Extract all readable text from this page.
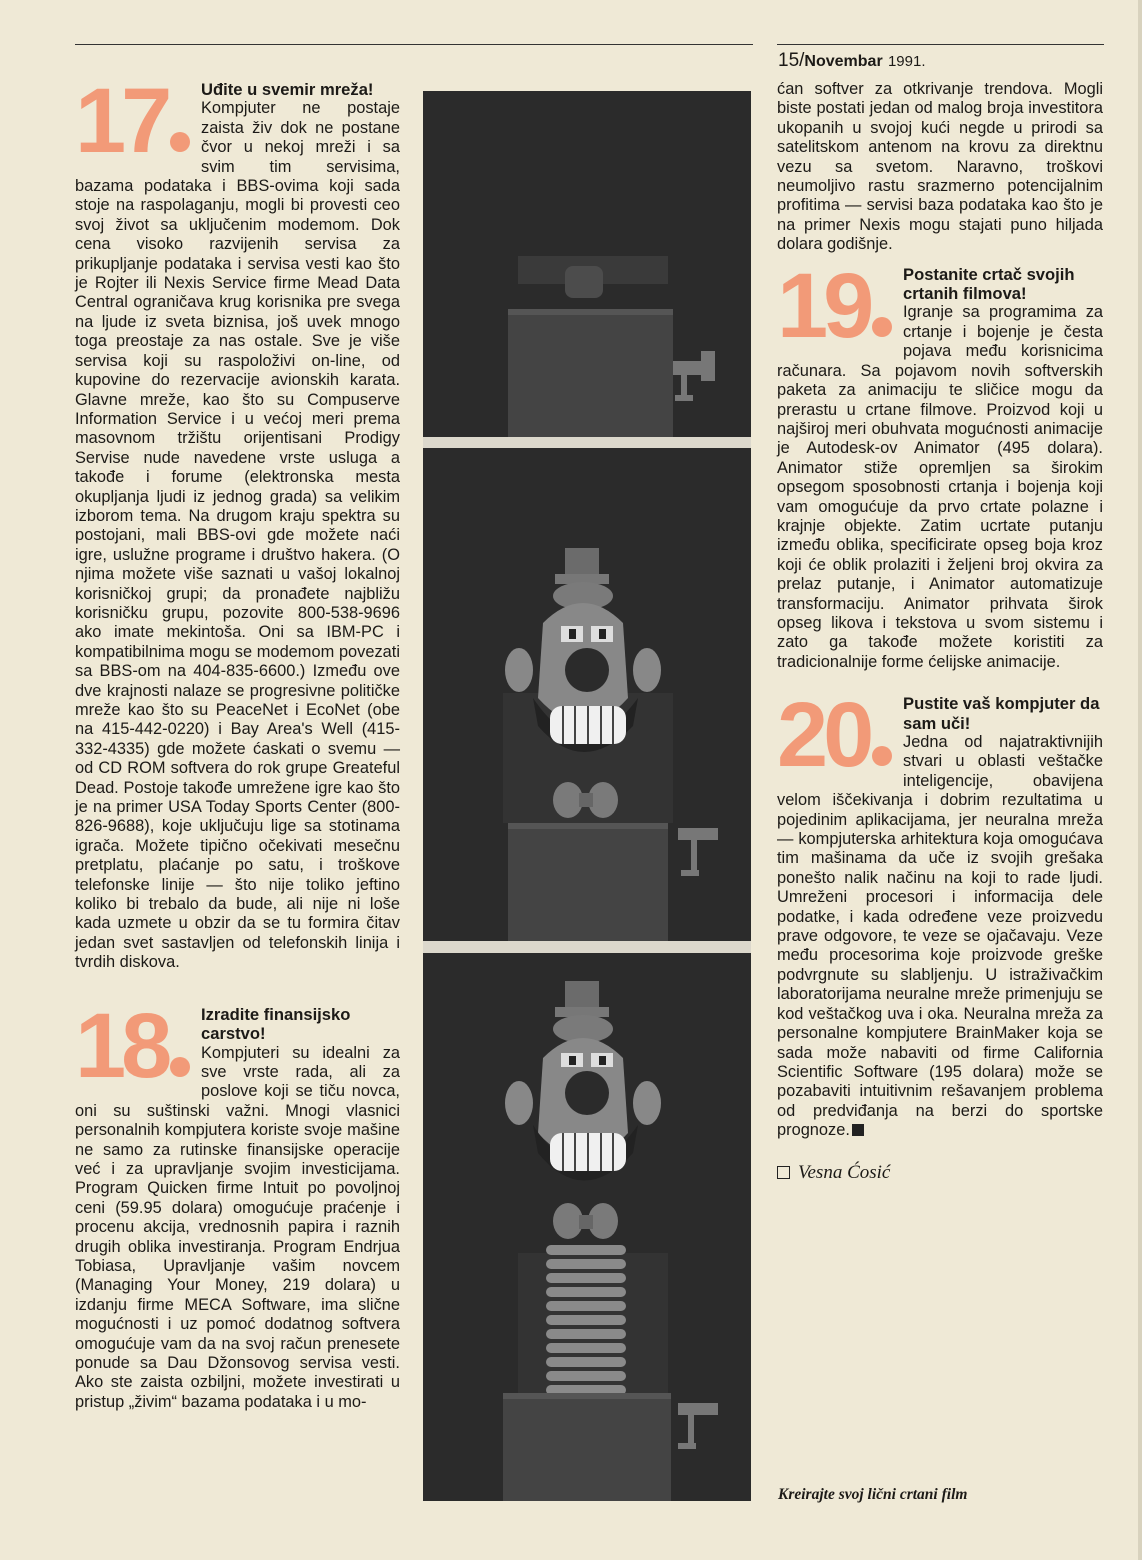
15/Novembar 1991.
17	Uđite u svemir mreža!
Kompjuter ne postaje zaista živ dok ne postane čvor u nekoj mreži i sa svim tim servisima, bazama podataka i BBS-ovima koji sada stoje na raspolaganju, mogli bi provesti ceo svoj život sa uključenim modemom. Dok cena visoko razvijenih servisa za prikupljanje podataka i servisa vesti kao što je Rojter ili Nexis Service firme Mead Data Central ograničava krug korisnika pre svega na ljude iz sveta biznisa, još uvek mnogo toga preostaje za nas ostale. Sve je više servisa koji su raspoloživi on-line, od kupovine do rezervacije avionskih karata. Glavne mreže, kao što su Compuserve Information Service i u većoj meri prema masovnom tržištu orijentisani Prodigy Servise nude navedene vrste usluga a takođe i forume (elektronska mesta okupljanja ljudi iz jednog grada) sa velikim izborom tema. Na drugom kraju spektra su postojani, mali BBS-ovi gde možete naći igre, uslužne programe i društvo hakera. (O njima možete više saznati u vašoj lokalnoj korisničkoj grupi; da pronađete najbližu korisničku grupu, pozovite 800-538-9696 ako imate mekintoša. Oni sa IBM-PC i kompatibilnima mogu se modemom povezati sa BBS-om na 404-835-6600.) Između ove dve krajnosti nalaze se progresivne političke mreže kao što su PeaceNet i EcoNet (obe na 415-442-0220) i Bay Area's Well (415-332-4335) gde možete ćaskati o svemu — od CD ROM softvera do rok grupe Greateful Dead. Postoje takođe umrežene igre kao što je na primer USA Today Sports Center (800-826-9688), koje uključuju lige sa stotinama igrača. Možete tipično očekivati mesečnu pretplatu, plaćanje po satu, i troškove telefonske linije — što nije toliko jeftino koliko bi trebalo da bude, ali nije ni loše kada uzmete u obzir da se tu formira čitav jedan svet sastavljen od telefonskih linija i tvrdih diskova.
18	Izradite finansijsko carstvo!
Kompjuteri su idealni za sve vrste rada, ali za poslove koji se tiču novca, oni su suštinski važni. Mnogi vlasnici personalnih kompjutera koriste svoje mašine ne samo za rutinske finansijske operacije već i za upravljanje svojim investicijama. Program Quicken firme Intuit po povoljnoj ceni (59.95 dolara) omogućuje praćenje i procenu akcija, vrednosnih papira i raznih drugih oblika investiranja. Program Endrjua Tobiasa, Upravljanje vašim novcem (Managing Your Money, 219 dolara) u izdanju firme MECA Software, ima slične mogućnosti i uz pomoć dodatnog softvera omogućuje vam da na svoj račun prenesete ponude sa Dau Džonsovog servisa vesti. Ako ste zaista ozbiljni, možete investirati u pristup „živim“ bazama podataka i u mo-
ćan softver za otkrivanje trendova. Mogli biste postati jedan od malog broja investitora ukopanih u svojoj kući negde u prirodi sa satelitskom antenom na krovu za direktnu vezu sa svetom. Naravno, troškovi neumoljivo rastu srazmerno potencijalnim profitima — servisi baza podataka kao što je na primer Nexis mogu stajati puno hiljada dolara godišnje.
19	Postanite crtač svojih crtanih filmova!
Igranje sa programima za crtanje i bojenje je česta pojava među korisnicima računara. Sa pojavom novih softverskih paketa za animaciju te sličice mogu da prerastu u crtane filmove. Proizvod koji u najširoj meri obuhvata mogućnosti animacije je Autodesk-ov Animator (495 dolara). Animator stiže opremljen sa širokim opsegom sposobnosti crtanja i bojenja koji vam omogućuje da prvo crtate polazne i krajnje objekte. Zatim ucrtate putanju između oblika, specificirate opseg boja kroz koji će oblik prolaziti i željeni broj okvira za prelaz putanje, i Animator automatizuje transformaciju. Animator prihvata širok opseg likova i tekstova u svom sistemu i zato ga takođe možete koristiti za tradicionalnije forme ćelijske animacije.
20	Pustite vaš kompjuter da sam uči!
Jedna od najatraktivnijih stvari u oblasti veštačke inteligencije, obavijena velom iščekivanja i dobrim rezultatima u pojedinim aplikacijama, jer neuralna mreža — kompjuterska arhitektura koja omogućava tim mašinama da uče iz svojih grešaka ponešto nalik načinu na koji to rade ljudi. Umreženi procesori i informacija dele podatke, i kada određene veze proizvedu prave odgovore, te veze se ojačavaju. Veze među procesorima koje proizvode greške podvrgnute su slabljenju. U istraživačkim laboratorijama neuralne mreže primenjuju se kod veštačkog uva i oka. Neuralna mreža za personalne kompjutere BrainMaker koja se sada može nabaviti od firme California Scientific Software (195 dolara) može se pozabaviti intuitivnim rešavanjem problema od predviđanja na berzi do sportske prognoze.
Vesna Ćosić
Kreirajte svoj lični crtani film
